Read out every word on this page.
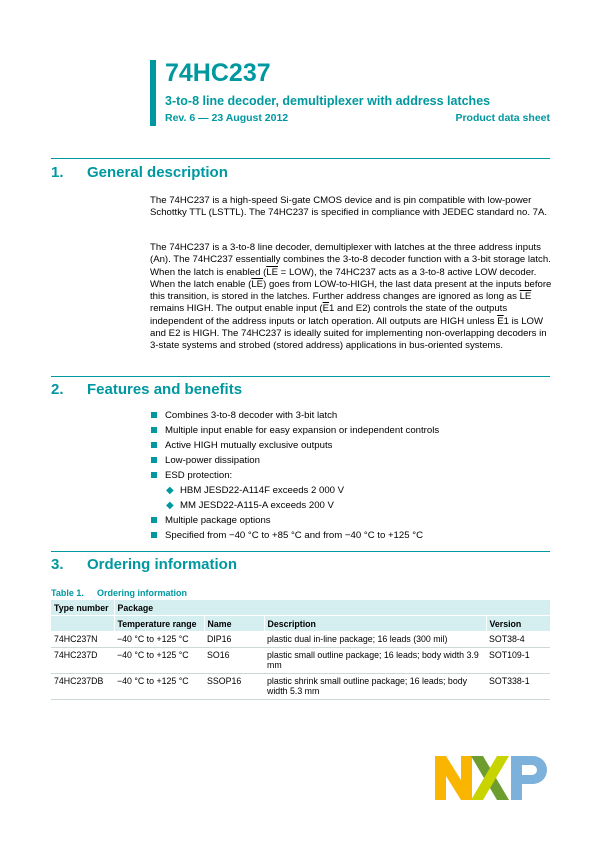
74HC237
3-to-8 line decoder, demultiplexer with address latches
Rev. 6 — 23 August 2012	Product data sheet
1. General description

The 74HC237 is a high-speed Si-gate CMOS device and is pin compatible with low-power Schottky TTL (LSTTL). The 74HC237 is specified in compliance with JEDEC standard no. 7A.

The 74HC237 is a 3-to-8 line decoder, demultiplexer with latches at the three address inputs (An). The 74HC237 essentially combines the 3-to-8 decoder function with a 3-bit storage latch. When the latch is enabled $(\overline{LE} = LOW)$, the 74HC237 acts as a 3-to-8 active LOW decoder. When the latch enable $(\overline{LE})$ goes from LOW-to-HIGH, the last data present at the inputs before this transition, is stored in the latches. Further address changes are ignored as long as $\overline{LE}$ remains HIGH. The output enable input ($\overline{E}1$ and E2) controls the state of the outputs independent of the address inputs or latch operation. All outputs are HIGH unless $\overline{E}1$ is LOW and E2 is HIGH. The 74HC237 is ideally suited for implementing non-overlapping decoders in 3-state systems and strobed (stored address) applications in bus-oriented systems.

2. Features and benefits
Combines 3-to-8 decoder with 3-bit latch
Multiple input enable for easy expansion or independent controls
Active HIGH mutually exclusive outputs
Low-power dissipation
ESD protection:
◆ HBM JESD22-A114F exceeds 2 000 V
◆ MM JESD22-A115-A exceeds 200 V
Multiple package options
Specified from −40 °C to +85 °C and from −40 °C to +125 °C
3. Ordering information
Table 1. Ordering information
Type number	Package			
	Temperature range	Name	Description	Version
74HC237N	−40 °C to +125 °C	DIP16	plastic dual in-line package; 16 leads (300 mil)	SOT38-4
74HC237D	−40 °C to +125 °C	SO16	plastic small outline package; 16 leads; body width 3.9 mm	SOT109-1
74HC237DB	−40 °C to +125 °C	SSOP16	plastic shrink small outline package; 16 leads; body width 5.3 mm	SOT338-1
